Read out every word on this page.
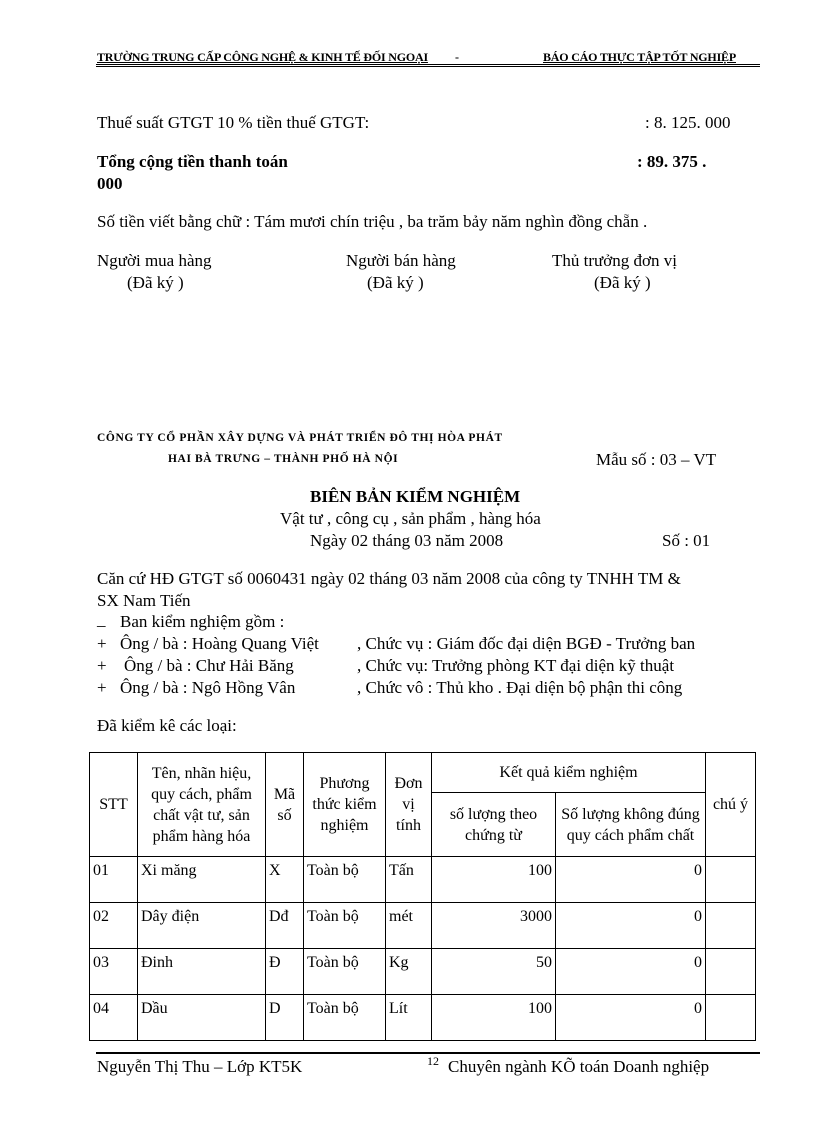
TRƯỜNG TRUNG CẤP CÔNG NGHỆ & KINH TẾ ĐỐI NGOẠI -	BÁO CÁO THỰC TẬP TỐT NGHIỆP
Thuế suất GTGT 10 % tiền thuế GTGT:	: 8. 125. 000
Tổng cộng tiền thanh toán	: 89. 375 .
000
Số tiền viết bằng chữ : Tám mươi chín triệu , ba trăm bảy năm nghìn đồng chẵn .
Người mua hàng
(Đã ký )
Người bán hàng
(Đã ký )
Thủ trưởng đơn vị
(Đã ký )
CÔNG TY CỔ PHẦN XÂY DỰNG VÀ PHÁT TRIỂN ĐÔ THỊ HÒA PHÁT
HAI BÀ TRƯNG – THÀNH PHỐ HÀ NỘI	Mẫu số : 03 – VT
BIÊN BẢN KIỂM NGHIỆM
Vật tư , công cụ , sản phẩm , hàng hóa
Ngày 02 tháng 03 năm 2008	Số : 01
Căn cứ HĐ GTGT số 0060431 ngày 02 tháng 03 năm 2008 của công ty TNHH TM &
SX Nam Tiến
_ Ban kiểm nghiệm gồm :
+ Ông / bà : Hoàng Quang Việt , Chức vụ : Giám đốc đại diện BGĐ - Trưởng ban
+ Ông / bà : Chư Hải Băng	, Chức vụ: Trưởng phòng KT đại diện kỹ thuật
+ Ông / bà : Ngô Hồng Vân	, Chức vô : Thủ kho . Đại diện bộ phận thi công
Đã kiểm kê các loại:
STT	Tên, nhãn hiệu, quy cách, phẩm chất vật tư, sản phẩm hàng hóa	Mã số	Phương thức kiểm nghiệm	Đơn vị tính	Kết quả kiểm nghiệm		chú ý
					số lượng theo chứng từ	Số lượng không đúng quy cách phẩm chất	
01	Xi măng	X	Toàn bộ	Tấn	100	0	
02	Dây điện	Dđ	Toàn bộ	mét	3000	0	
03	Đinh	Đ	Toàn bộ	Kg	50	0	
04	Dầu	D	Toàn bộ	Lít	100	0	
Nguyễn Thị Thu – Lớp KT5K	12 Chuyên ngành KÕ toán Doanh nghiệp
